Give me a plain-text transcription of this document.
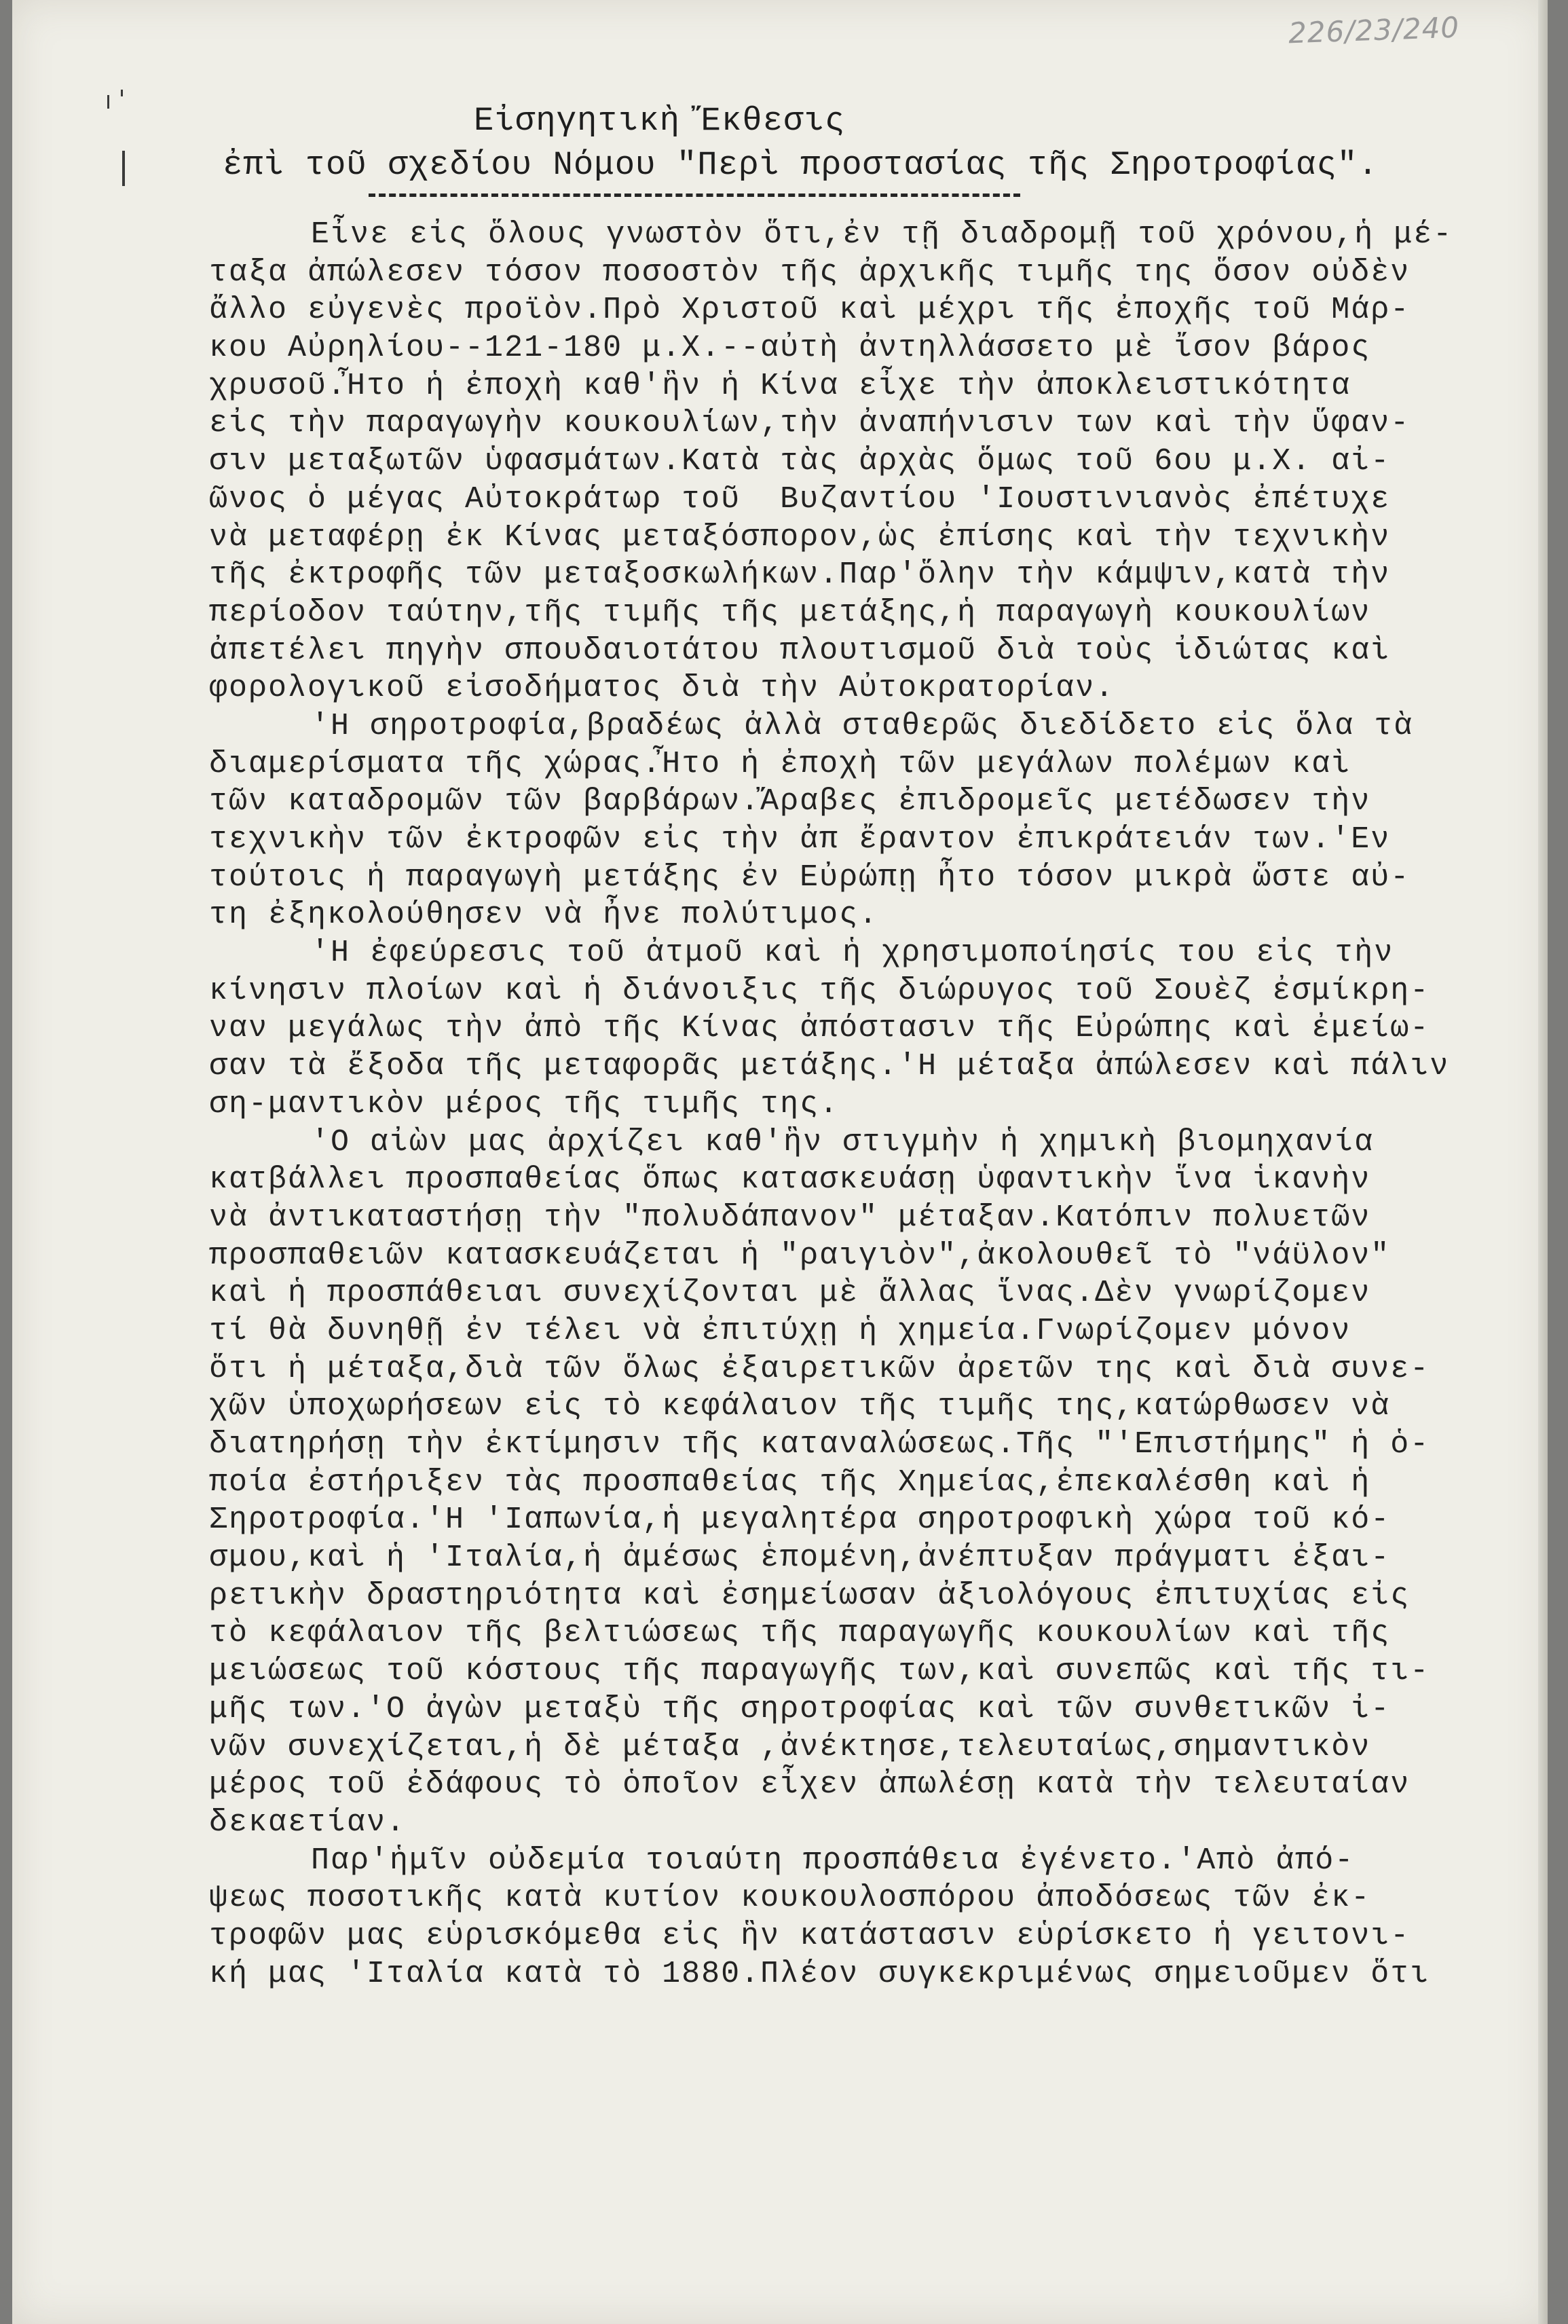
226/23/240
Εἰσηγητικὴ Ἔκθεσις
ἐπὶ τοῦ σχεδίου Νόμου "Περὶ προστασίας τῆς Σηροτροφίας".
Εἶνε εἰς ὅλους γνωστὸν ὅτι,ἐν τῇ διαδρομῇ τοῦ χρόνου,ἡ μέ-
ταξα ἀπώλεσεν τόσον ποσοστὸν τῆς ἀρχικῆς τιμῆς της ὅσον οὐδὲν
ἄλλο εὐγενὲς προϊὸν.Πρὸ Χριστοῦ καὶ μέχρι τῆς ἐποχῆς τοῦ Μάρ-
κου Αὐρηλίου--121-180 μ.Χ.--αὐτὴ ἀντηλλάσσετο μὲ ἴσον βάρος
χρυσοῦ.Ἦτο ἡ ἐποχὴ καθ'ἣν ἡ Κίνα εἶχε τὴν ἀποκλειστικότητα
εἰς τὴν παραγωγὴν κουκουλίων,τὴν ἀναπήνισιν των καὶ τὴν ὕφαν-
σιν μεταξωτῶν ὑφασμάτων.Κατὰ τὰς ἀρχὰς ὅμως τοῦ 6ου μ.Χ. αἰ-
ῶνος ὁ μέγας Αὐτοκράτωρ τοῦ  Βυζαντίου 'Ιουστινιανὸς ἐπέτυχε
νὰ μεταφέρῃ ἐκ Κίνας μεταξόσπορον,ὡς ἐπίσης καὶ τὴν τεχνικὴν
τῆς ἐκτροφῆς τῶν μεταξοσκωλήκων.Παρ'ὅλην τὴν κάμψιν,κατὰ τὴν
περίοδον ταύτην,τῆς τιμῆς τῆς μετάξης,ἡ παραγωγὴ κουκουλίων
ἀπετέλει πηγὴν σπουδαιοτάτου πλουτισμοῦ διὰ τοὺς ἰδιώτας καὶ
φορολογικοῦ εἰσοδήματος διὰ τὴν Αὐτοκρατορίαν.
'Η σηροτροφία,βραδέως ἀλλὰ σταθερῶς διεδίδετο εἰς ὅλα τὰ
διαμερίσματα τῆς χώρας.Ἦτο ἡ ἐποχὴ τῶν μεγάλων πολέμων καὶ
τῶν καταδρομῶν τῶν βαρβάρων.Ἄραβες ἐπιδρομεῖς μετέδωσεν τὴν
τεχνικὴν τῶν ἐκτροφῶν εἰς τὴν ἀπ ἔραντον ἐπικράτειάν των.'Εν
τούτοις ἡ παραγωγὴ μετάξης ἐν Εὐρώπῃ ἦτο τόσον μικρὰ ὥστε αὐ-
τη ἐξηκολούθησεν νὰ ἦνε πολύτιμος.
'Η ἐφεύρεσις τοῦ ἀτμοῦ καὶ ἡ χρησιμοποίησίς του εἰς τὴν
κίνησιν πλοίων καὶ ἡ διάνοιξις τῆς διώρυγος τοῦ Σουὲζ ἐσμίκρη-
ναν μεγάλως τὴν ἀπὸ τῆς Κίνας ἀπόστασιν τῆς Εὐρώπης καὶ ἐμείω-
σαν τὰ ἔξοδα τῆς μεταφορᾶς μετάξης.'Η μέταξα ἀπώλεσεν καὶ πάλιν
ση-μαντικὸν μέρος τῆς τιμῆς της.
'Ο αἰὼν μας ἀρχίζει καθ'ἣν στιγμὴν ἡ χημικὴ βιομηχανία
κατβάλλει προσπαθείας ὅπως κατασκευάσῃ ὑφαντικὴν ἵνα ἱκανὴν
νὰ ἀντικαταστήσῃ τὴν "πολυδάπανον" μέταξαν.Κατόπιν πολυετῶν
προσπαθειῶν κατασκευάζεται ἡ "ραιγιὸν",ἀκολουθεῖ τὸ "νάϋλον"
καὶ ἡ προσπάθειαι συνεχίζονται μὲ ἄλλας ἵνας.Δὲν γνωρίζομεν
τί θὰ δυνηθῇ ἐν τέλει νὰ ἐπιτύχῃ ἡ χημεία.Γνωρίζομεν μόνον
ὅτι ἡ μέταξα,διὰ τῶν ὅλως ἐξαιρετικῶν ἀρετῶν της καὶ διὰ συνε-
χῶν ὑποχωρήσεων εἰς τὸ κεφάλαιον τῆς τιμῆς της,κατώρθωσεν νὰ
διατηρήσῃ τὴν ἐκτίμησιν τῆς καταναλώσεως.Τῆς "'Επιστήμης" ἡ ὁ-
ποία ἐστήριξεν τὰς προσπαθείας τῆς Χημείας,ἐπεκαλέσθη καὶ ἡ
Σηροτροφία.'Η 'Ιαπωνία,ἡ μεγαλητέρα σηροτροφικὴ χώρα τοῦ κό-
σμου,καὶ ἡ 'Ιταλία,ἡ ἀμέσως ἑπομένη,ἀνέπτυξαν πράγματι ἐξαι-
ρετικὴν δραστηριότητα καὶ ἐσημείωσαν ἀξιολόγους ἐπιτυχίας εἰς
τὸ κεφάλαιον τῆς βελτιώσεως τῆς παραγωγῆς κουκουλίων καὶ τῆς
μειώσεως τοῦ κόστους τῆς παραγωγῆς των,καὶ συνεπῶς καὶ τῆς τι-
μῆς των.'Ο ἀγὼν μεταξὺ τῆς σηροτροφίας καὶ τῶν συνθετικῶν ἰ-
νῶν συνεχίζεται,ἡ δὲ μέταξα ,ἀνέκτησε,τελευταίως,σημαντικὸν
μέρος τοῦ ἐδάφους τὸ ὁποῖον εἶχεν ἀπωλέσῃ κατὰ τὴν τελευταίαν
δεκαετίαν.
Παρ'ἡμῖν οὐδεμία τοιαύτη προσπάθεια ἐγένετο.'Απὸ ἀπό-
ψεως ποσοτικῆς κατὰ κυτίον κουκουλοσπόρου ἀποδόσεως τῶν ἐκ-
τροφῶν μας εὑρισκόμεθα εἰς ἣν κατάστασιν εὑρίσκετο ἡ γειτονι-
κή μας 'Ιταλία κατὰ τὸ 1880.Πλέον συγκεκριμένως σημειοῦμεν ὅτι
